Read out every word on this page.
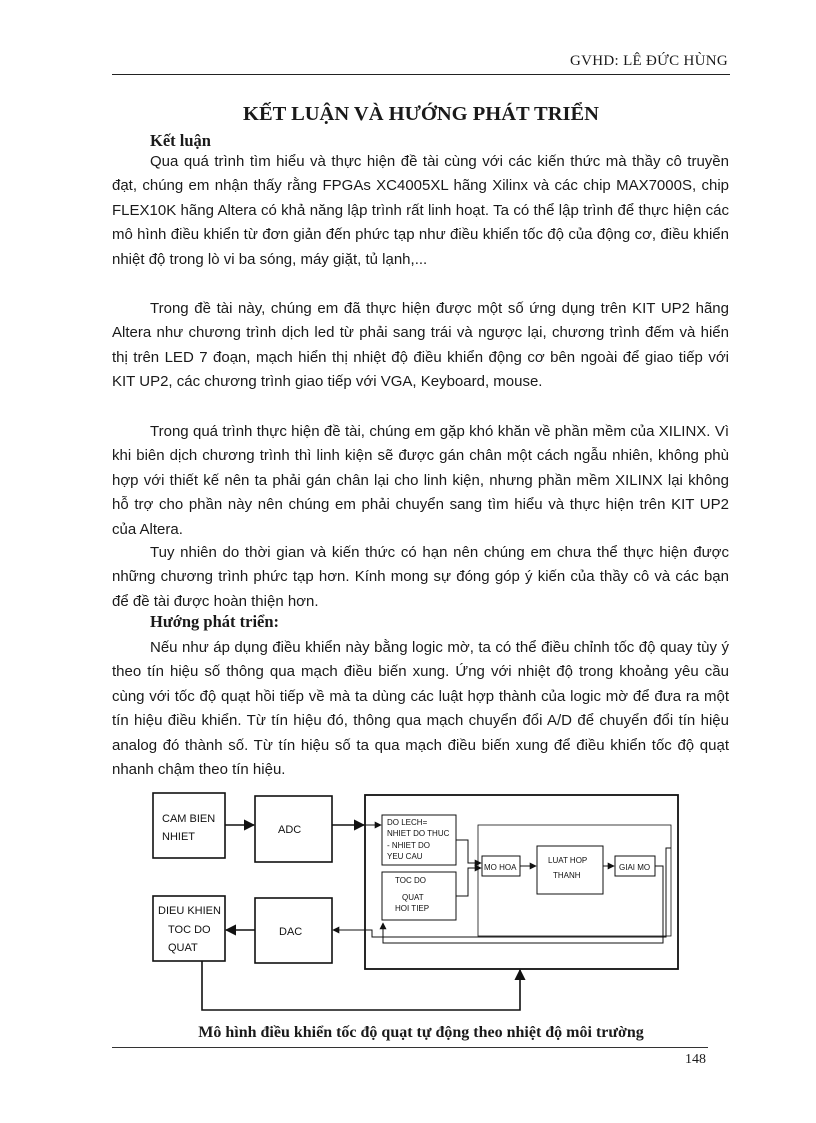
GVHD: LÊ ĐỨC HÙNG
KẾT LUẬN VÀ HƯỚNG PHÁT TRIỂN
Kết luận

Qua quá trình tìm hiểu và thực hiện đề tài cùng với các kiến thức mà thầy cô truyền đạt, chúng em nhận thấy rằng FPGAs XC4005XL hãng Xilinx và các chip MAX7000S, chip FLEX10K hãng Altera có khả năng lập trình rất linh hoạt. Ta có thể lập trình để thực hiện các mô hình điều khiển từ đơn giản đến phức tạp như điều khiển tốc độ của động cơ, điều khiển nhiệt độ trong lò vi ba sóng, máy giặt, tủ lạnh,...

Trong đề tài này, chúng em đã thực hiện được một số ứng dụng trên KIT UP2 hãng Altera như chương trình dịch led từ phải sang trái và ngược lại, chương trình đếm và hiển thị trên LED 7 đoạn, mạch hiển thị nhiệt độ điều khiển động cơ bên ngoài để giao tiếp với KIT UP2, các chương trình giao tiếp với VGA, Keyboard, mouse.

Trong quá trình thực hiện đề tài, chúng em gặp khó khăn về phần mềm của XILINX. Vì khi biên dịch chương trình thì linh kiện sẽ được gán chân một cách ngẫu nhiên, không phù hợp với thiết kế nên ta phải gán chân lại cho linh kiện, nhưng phần mềm XILINX lại không hỗ trợ cho phần này nên chúng em phải chuyển sang tìm hiểu và thực hiện trên KIT UP2 của Altera.

Tuy nhiên do thời gian và kiến thức có hạn nên chúng em chưa thể thực hiện được những chương trình phức tạp hơn. Kính mong sự đóng góp ý kiến của thầy cô và các bạn để đề tài được hoàn thiện hơn.

Hướng phát triển:

Nếu như áp dụng điều khiển này bằng logic mờ, ta có thể điều chỉnh tốc độ quay tùy ý theo tín hiệu số thông qua mạch điều biến xung. Ứng với nhiệt độ trong khoảng yêu cầu cùng với tốc độ quạt hồi tiếp về mà ta dùng các luật hợp thành của logic mờ để đưa ra một tín hiệu điều khiển. Từ tín hiệu đó, thông qua mạch chuyển đổi A/D để chuyển đổi tín hiệu analog đó thành số. Từ tín hiệu số ta qua mạch điều biến xung để điều khiển tốc độ quạt nhanh chậm theo tín hiệu.

CAM BIEN
NHIET
ADC
DO LECH=
NHIET DO THUC
- NHIET DO
YEU CAU
TOC DO
QUAT
HOI TIEP
MO HOA
LUAT HOP
THANH
GIAI MO
DIEU KHIEN
TOC DO
QUAT
DAC
Mô hình điều khiển tốc độ quạt tự động theo nhiệt độ môi trường
148
